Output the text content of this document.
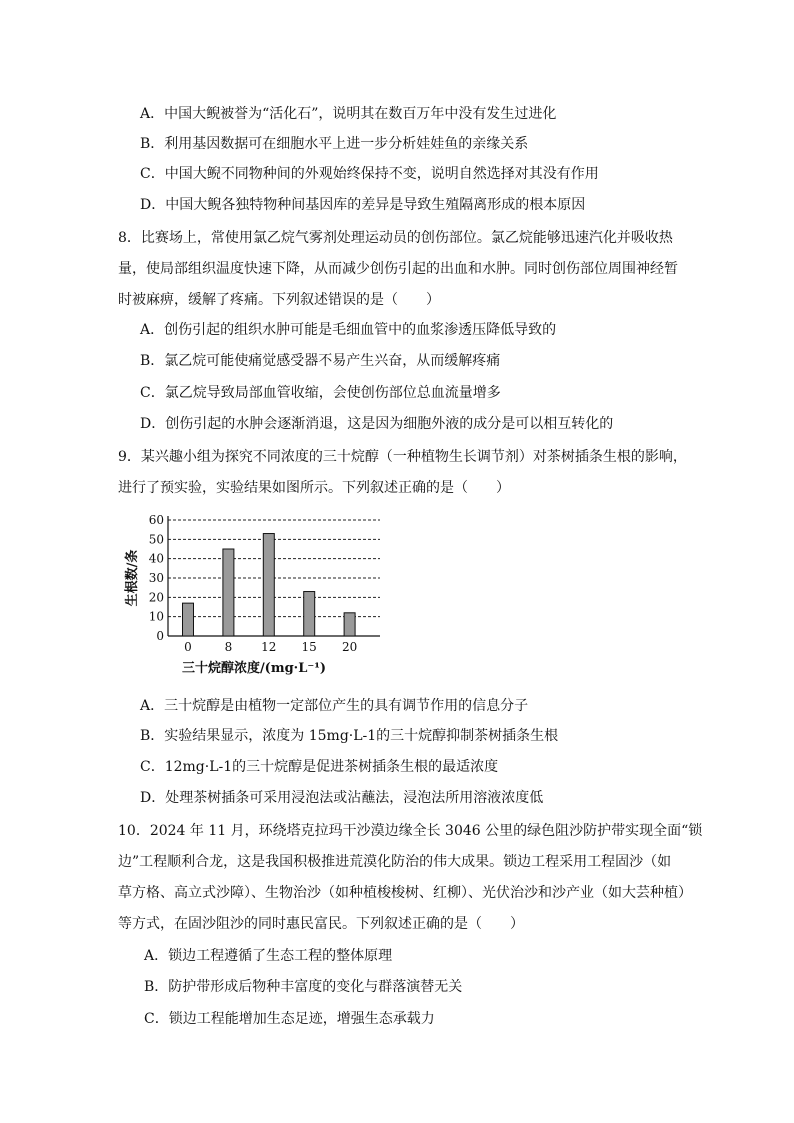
A．中国大鲵被誉为“活化石”，说明其在数百万年中没有发生过进化
B．利用基因数据可在细胞水平上进一步分析娃娃鱼的亲缘关系
C．中国大鲵不同物种间的外观始终保持不变，说明自然选择对其没有作用
D．中国大鲵各独特物种间基因库的差异是导致生殖隔离形成的根本原因
8．比赛场上，常使用氯乙烷气雾剂处理运动员的创伤部位。氯乙烷能够迅速汽化并吸收热
量，使局部组织温度快速下降，从而减少创伤引起的出血和水肿。同时创伤部位周围神经暂
时被麻痹，缓解了疼痛。下列叙述错误的是（　　）
A．创伤引起的组织水肿可能是毛细血管中的血浆渗透压降低导致的
B．氯乙烷可能使痛觉感受器不易产生兴奋，从而缓解疼痛
C．氯乙烷导致局部血管收缩，会使创伤部位总血流量增多
D．创伤引起的水肿会逐渐消退，这是因为细胞外液的成分是可以相互转化的
9．某兴趣小组为探究不同浓度的三十烷醇（一种植物生长调节剂）对茶树插条生根的影响，
进行了预实验，实验结果如图所示。下列叙述正确的是（　　）
0
10
20
30
40
50
60
0	8 12 15 20
生根数/条
三十烷醇浓度/(mg·L⁻¹)
A．三十烷醇是由植物一定部位产生的具有调节作用的信息分子
B．实验结果显示，浓度为 15mg·L-1的三十烷醇抑制茶树插条生根
C．12mg·L-1的三十烷醇是促进茶树插条生根的最适浓度
D．处理茶树插条可采用浸泡法或沾蘸法，浸泡法所用溶液浓度低
10．2024 年 11 月，环绕塔克拉玛干沙漠边缘全长 3046 公里的绿色阻沙防护带实现全面“锁
边”工程顺利合龙，这是我国积极推进荒漠化防治的伟大成果。锁边工程采用工程固沙（如
草方格、高立式沙障）、生物治沙（如种植梭梭树、红柳）、光伏治沙和沙产业（如大芸种植）
等方式，在固沙阻沙的同时惠民富民。下列叙述正确的是（　　）
A．锁边工程遵循了生态工程的整体原理
B．防护带形成后物种丰富度的变化与群落演替无关
C．锁边工程能增加生态足迹，增强生态承载力
